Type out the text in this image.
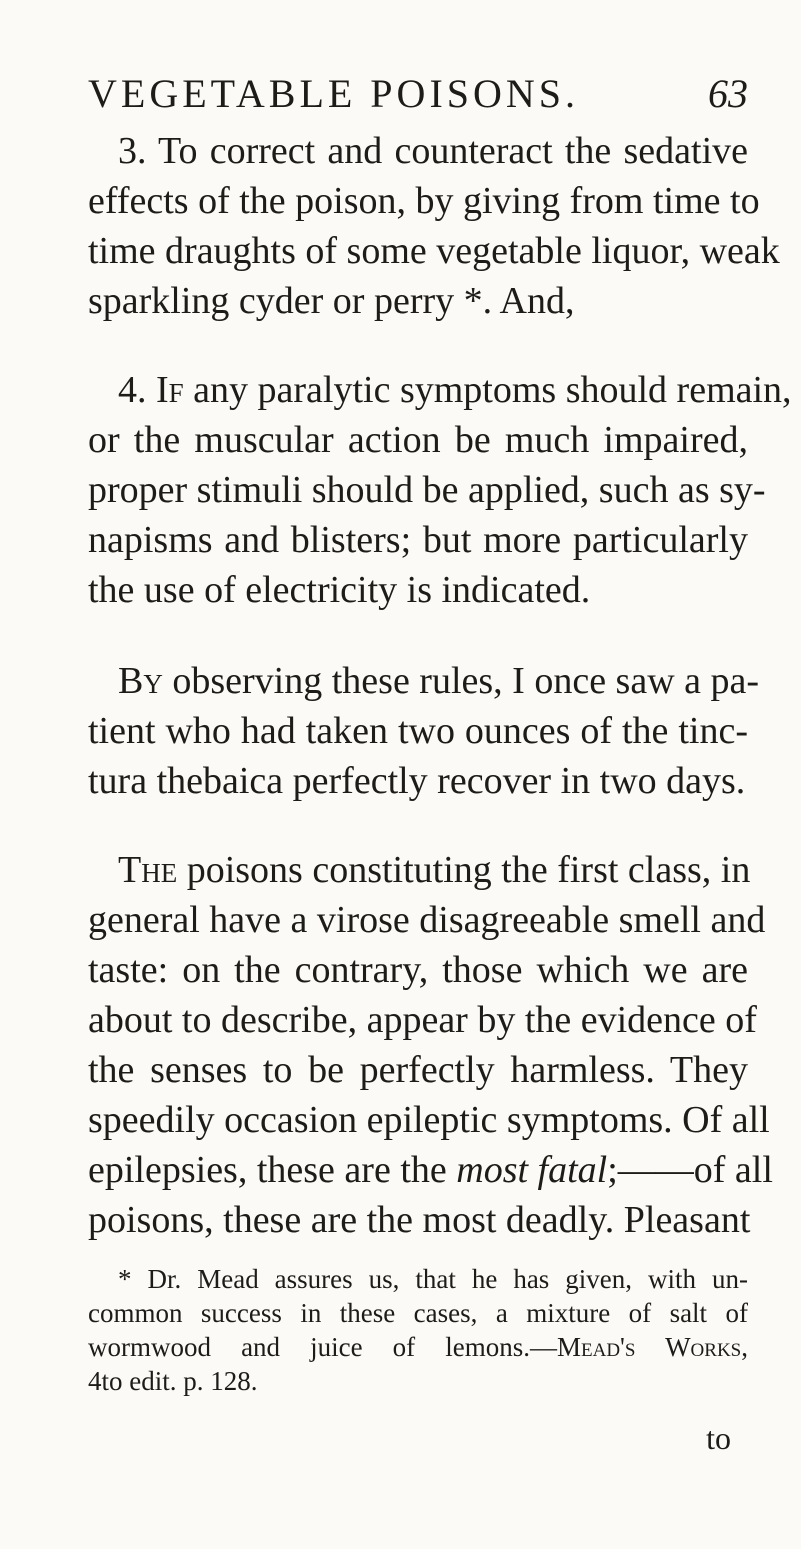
VEGETABLE POISONS.	63
3. To correct and counteract the sedative
effects of the poison, by giving from time to
time draughts of some vegetable liquor, weak
sparkling cyder or perry *. And,
4. If any paralytic symptoms should remain,
or the muscular action be much impaired,
proper stimuli should be applied, such as sy-
napisms and blisters; but more particularly
the use of electricity is indicated.
By observing these rules, I once saw a pa-
tient who had taken two ounces of the tinc-
tura thebaica perfectly recover in two days.
The poisons constituting the first class, in
general have a virose disagreeable smell and
taste: on the contrary, those which we are
about to describe, appear by the evidence of
the senses to be perfectly harmless. They
speedily occasion epileptic symptoms. Of all
epilepsies, these are the most fatal;——of all
poisons, these are the most deadly. Pleasant
* Dr. Mead assures us, that he has given, with un-
common success in these cases, a mixture of salt of
wormwood and juice of lemons.—Mead's Works,
4to edit. p. 128.
to
